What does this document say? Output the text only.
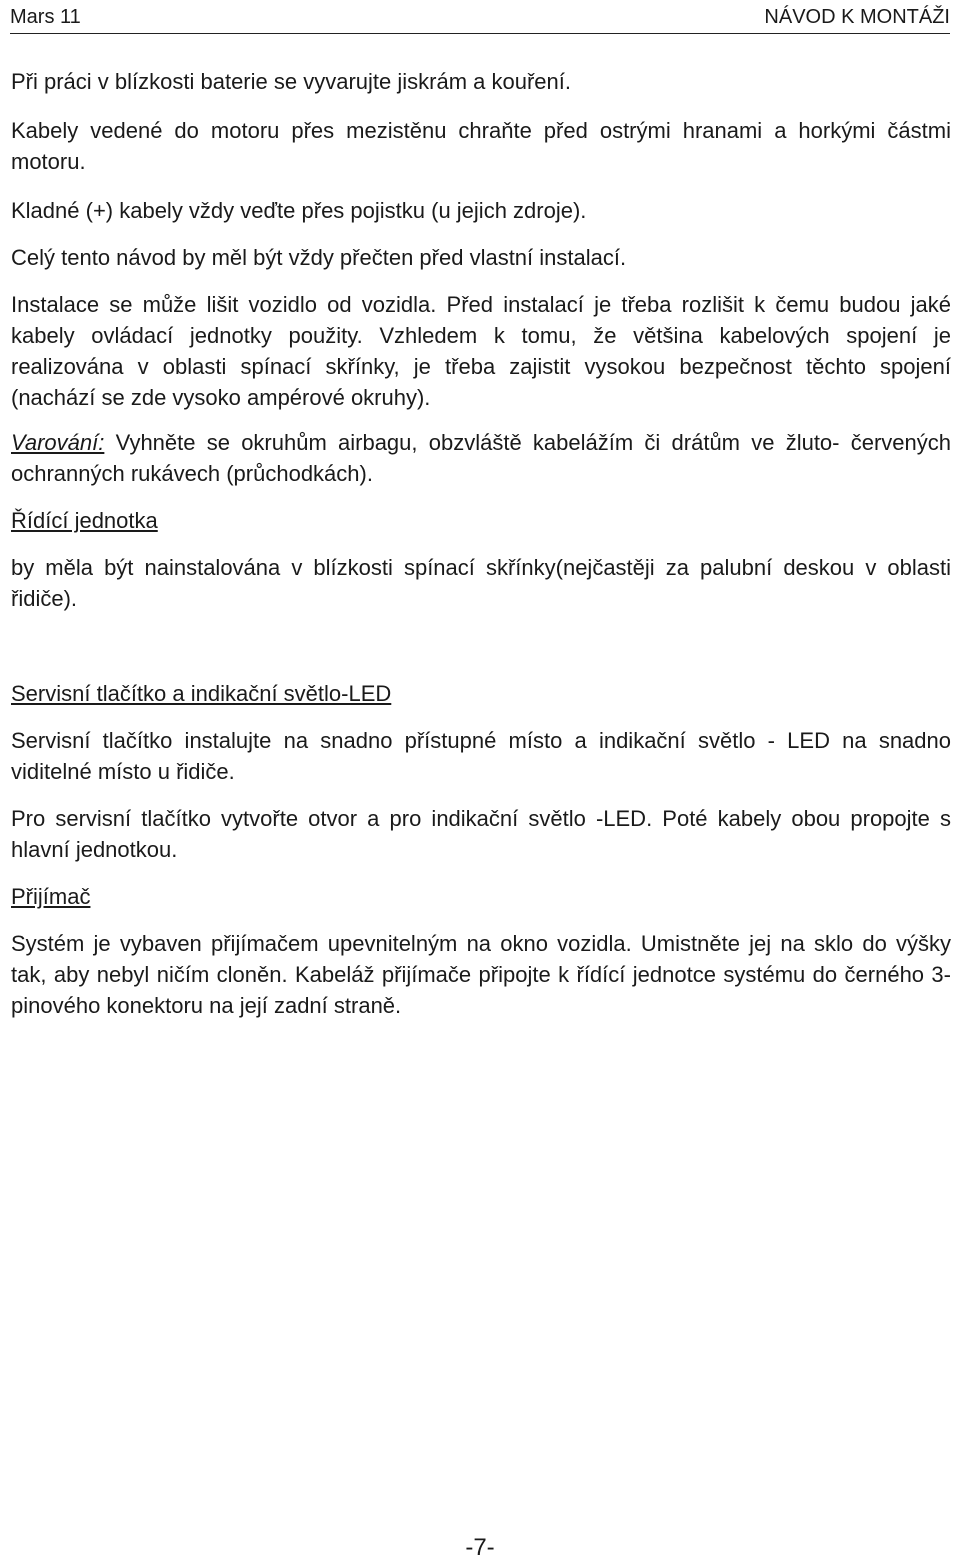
Mars 11	NÁVOD K MONTÁŽI

Při práci v blízkosti baterie se vyvarujte jiskrám a kouření.

Kabely vedené do motoru přes mezistěnu chraňte před ostrými hranami a horkými částmi motoru.

Kladné (+) kabely vždy veďte přes pojistku (u jejich zdroje).

Celý tento návod by měl být vždy přečten před vlastní instalací.

Instalace se může lišit vozidlo od vozidla. Před instalací je třeba rozlišit k čemu budou jaké kabely ovládací jednotky použity. Vzhledem k tomu, že většina kabelových spojení je realizována v oblasti spínací skřínky, je třeba zajistit vysokou bezpečnost těchto spojení (nachází se zde vysoko ampérové okruhy).

Varování: Vyhněte se okruhům airbagu, obzvláště kabelážím či drátům ve žluto- červených ochranných rukávech (průchodkách).

Řídící jednotka

by měla být nainstalována v blízkosti spínací skřínky(nejčastěji za palubní deskou v oblasti řidiče).

Servisní tlačítko a indikační světlo-LED

Servisní tlačítko instalujte na snadno přístupné místo a indikační světlo - LED na snadno viditelné místo u řidiče.

Pro servisní tlačítko vytvořte otvor a pro indikační světlo -LED. Poté kabely obou propojte s hlavní jednotkou.

Přijímač

Systém je vybaven přijímačem upevnitelným na okno vozidla. Umistněte jej na sklo do výšky tak, aby nebyl ničím cloněn. Kabeláž přijímače připojte k řídící jednotce systému do černého 3-pinového konektoru na její zadní straně.

-7-
